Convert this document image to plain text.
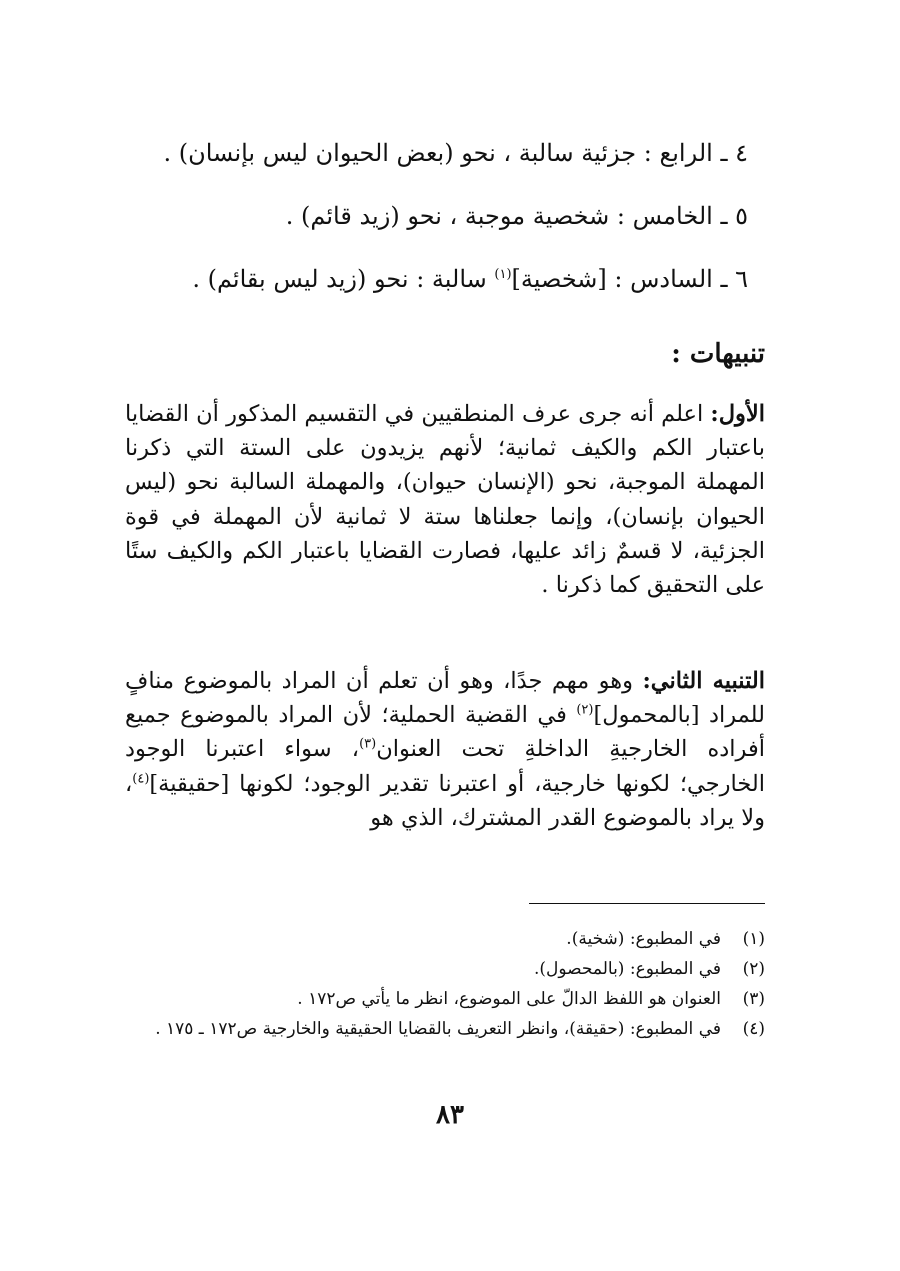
٤ ـ الرابع : جزئية سالبة ، نحو (بعض الحيوان ليس بإنسان) .
٥ ـ الخامس : شخصية موجبة ، نحو (زيد قائم) .
٦ ـ السادس : [شخصية]$^{(١)}$ سالبة : نحو (زيد ليس بقائم) .
تنبيهات :

الأول: اعلم أنه جرى عرف المنطقيين في التقسيم المذكور أن القضايا باعتبار الكم والكيف ثمانية؛ لأنهم يزيدون على الستة التي ذكرنا المهملة الموجبة، نحو (الإنسان حيوان)، والمهملة السالبة نحو (ليس الحيوان بإنسان)، وإنما جعلناها ستة لا ثمانية لأن المهملة في قوة الجزئية، لا قسمٌ زائد عليها، فصارت القضايا باعتبار الكم والكيف ستًا على التحقيق كما ذكرنا .

التنبيه الثاني: وهو مهم جدًا، وهو أن تعلم أن المراد بالموضوع منافٍ للمراد [بالمحمول]$^{(٢)}$ في القضية الحملية؛ لأن المراد بالموضوع جميع أفراده الخارجيةِ الداخلةِ تحت العنوان$^{(٣)}$، سواء اعتبرنا الوجود الخارجي؛ لكونها خارجية، أو اعتبرنا تقدير الوجود؛ لكونها [حقيقية]$^{(٤)}$، ولا يراد بالموضوع القدر المشترك، الذي هو

(١)
في المطبوع: (شخية).
(٢)
في المطبوع: (بالمحصول).
(٣)
العنوان هو اللفظ الدالّ على الموضوع، انظر ما يأتي ص١٧٢ .
(٤)
في المطبوع: (حقيقة)، وانظر التعريف بالقضايا الحقيقية والخارجية ص١٧٢ ـ ١٧٥ .
٨٣
